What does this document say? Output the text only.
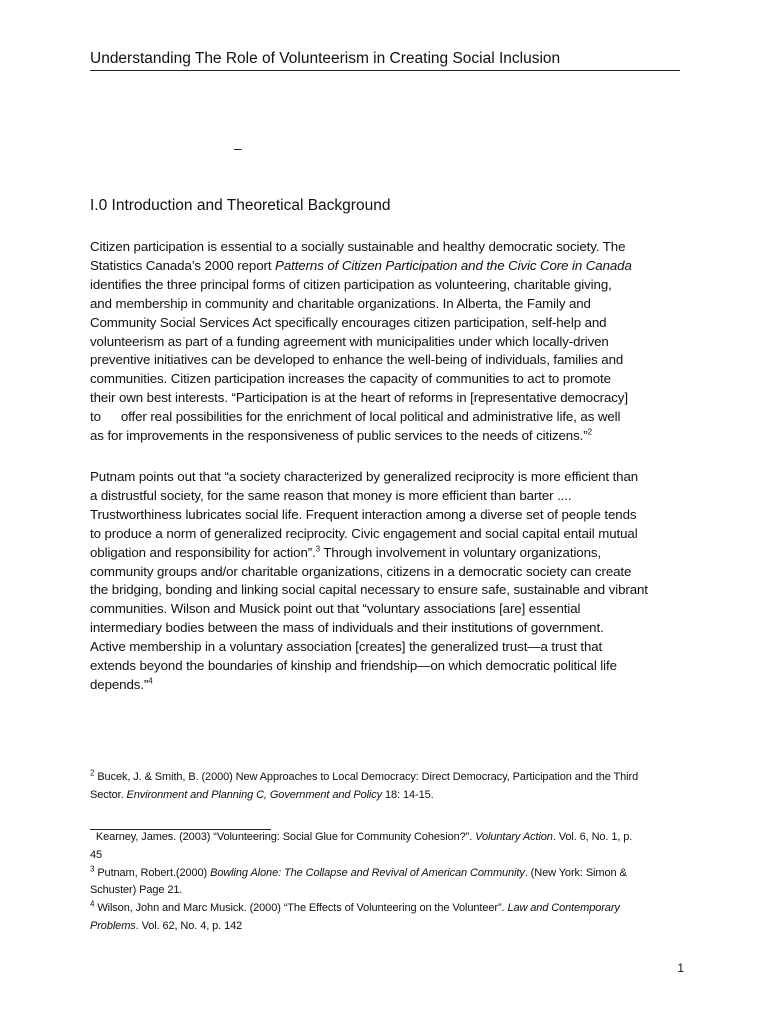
Understanding The Role of Volunteerism in Creating Social Inclusion
–
I.0 Introduction and Theoretical Background
Citizen participation is essential to a socially sustainable and healthy democratic society. The
Statistics Canada’s 2000 report Patterns of Citizen Participation and the Civic Core in Canada
identifies the three principal forms of citizen participation as volunteering, charitable giving,
and membership in community and charitable organizations. In Alberta, the Family and
Community Social Services Act specifically encourages citizen participation, self-help and
volunteerism as part of a funding agreement with municipalities under which locally-driven
preventive initiatives can be developed to enhance the well-being of individuals, families and
communities. Citizen participation increases the capacity of communities to act to promote
their own best interests. “Participation is at the heart of reforms in [representative democracy]
to offer real possibilities for the enrichment of local political and administrative life, as well
as for improvements in the responsiveness of public services to the needs of citizens.”$^2$
Putnam points out that “a society characterized by generalized reciprocity is more efficient than
a distrustful society, for the same reason that money is more efficient than barter ....
Trustworthiness lubricates social life. Frequent interaction among a diverse set of people tends
to produce a norm of generalized reciprocity. Civic engagement and social capital entail mutual
obligation and responsibility for action”.$^3$ Through involvement in voluntary organizations,
community groups and/or charitable organizations, citizens in a democratic society can create
the bridging, bonding and linking social capital necessary to ensure safe, sustainable and vibrant
communities. Wilson and Musick point out that “voluntary associations [are] essential
intermediary bodies between the mass of individuals and their institutions of government.
Active membership in a voluntary association [creates] the generalized trust—a trust that
extends beyond the boundaries of kinship and friendship—on which democratic political life
depends.”$^4$
$^2$ Bucek, J. & Smith, B. (2000) New Approaches to Local Democracy: Direct Democracy, Participation and the Third
Sector. Environment and Planning C, Government and Policy 18: 14-15.
Kearney, James. (2003) “Volunteering: Social Glue for Community Cohesion?”. Voluntary Action. Vol. 6, No. 1, p.
45
$^3$ Putnam, Robert.(2000) Bowling Alone: The Collapse and Revival of American Community. (New York: Simon &
Schuster) Page 21.
$^4$ Wilson, John and Marc Musick. (2000) “The Effects of Volunteering on the Volunteer”. Law and Contemporary
Problems. Vol. 62, No. 4, p. 142
1
